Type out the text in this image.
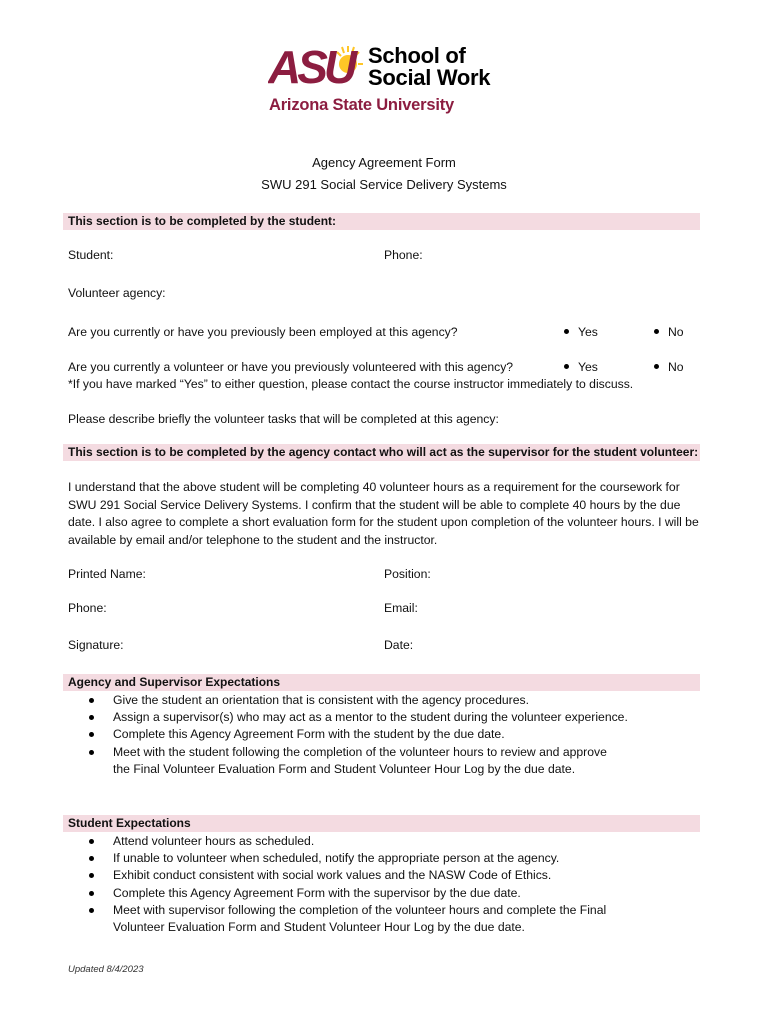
ASU School of
Social Work
Arizona State University
Agency Agreement Form
SWU 291 Social Service Delivery Systems
This section is to be completed by the student:
Student:	Phone:
Volunteer agency:
Are you currently or have you previously been employed at this agency?	Yes	No
Are you currently a volunteer or have you previously volunteered with this agency?	Yes	No
*If you have marked “Yes” to either question, please contact the course instructor immediately to discuss.
Please describe briefly the volunteer tasks that will be completed at this agency:
This section is to be completed by the agency contact who will act as the supervisor for the student volunteer:
I understand that the above student will be completing 40 volunteer hours as a requirement for the coursework for SWU 291 Social Service Delivery Systems. I confirm that the student will be able to complete 40 hours by the due date. I also agree to complete a short evaluation form for the student upon completion of the volunteer hours. I will be available by email and/or telephone to the student and the instructor.
Printed Name:	Position:
Phone:	Email:
Signature:	Date:
Agency and Supervisor Expectations
Give the student an orientation that is consistent with the agency procedures.
Assign a supervisor(s) who may act as a mentor to the student during the volunteer experience.
Complete this Agency Agreement Form with the student by the due date.
Meet with the student following the completion of the volunteer hours to review and approve the Final Volunteer Evaluation Form and Student Volunteer Hour Log by the due date.
Student Expectations
Attend volunteer hours as scheduled.
If unable to volunteer when scheduled, notify the appropriate person at the agency.
Exhibit conduct consistent with social work values and the NASW Code of Ethics.
Complete this Agency Agreement Form with the supervisor by the due date.
Meet with supervisor following the completion of the volunteer hours and complete the Final Volunteer Evaluation Form and Student Volunteer Hour Log by the due date.
Updated 8/4/2023
